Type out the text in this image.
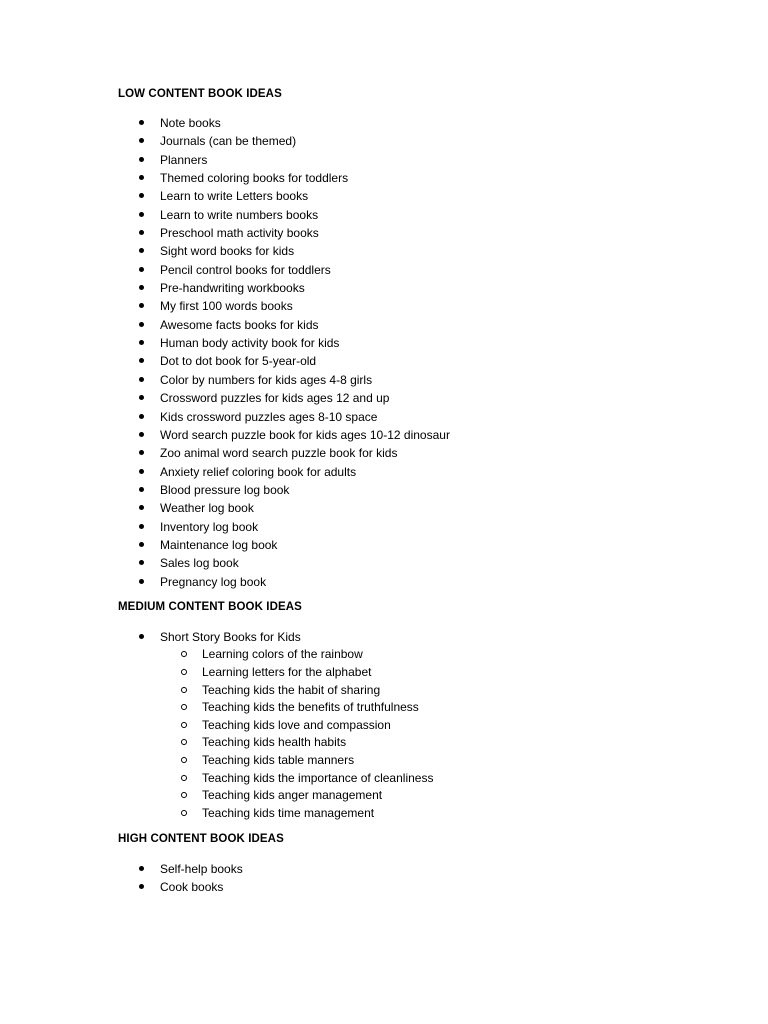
LOW CONTENT BOOK IDEAS
Note books
Journals (can be themed)
Planners
Themed coloring books for toddlers
Learn to write Letters books
Learn to write numbers books
Preschool math activity books
Sight word books for kids
Pencil control books for toddlers
Pre-handwriting workbooks
My first 100 words books
Awesome facts books for kids
Human body activity book for kids
Dot to dot book for 5-year-old
Color by numbers for kids ages 4-8 girls
Crossword puzzles for kids ages 12 and up
Kids crossword puzzles ages 8-10 space
Word search puzzle book for kids ages 10-12 dinosaur
Zoo animal word search puzzle book for kids
Anxiety relief coloring book for adults
Blood pressure log book
Weather log book
Inventory log book
Maintenance log book
Sales log book
Pregnancy log book
MEDIUM CONTENT BOOK IDEAS
Short Story Books for Kids
Learning colors of the rainbow
Learning letters for the alphabet
Teaching kids the habit of sharing
Teaching kids the benefits of truthfulness
Teaching kids love and compassion
Teaching kids health habits
Teaching kids table manners
Teaching kids the importance of cleanliness
Teaching kids anger management
Teaching kids time management
HIGH CONTENT BOOK IDEAS
Self-help books
Cook books
